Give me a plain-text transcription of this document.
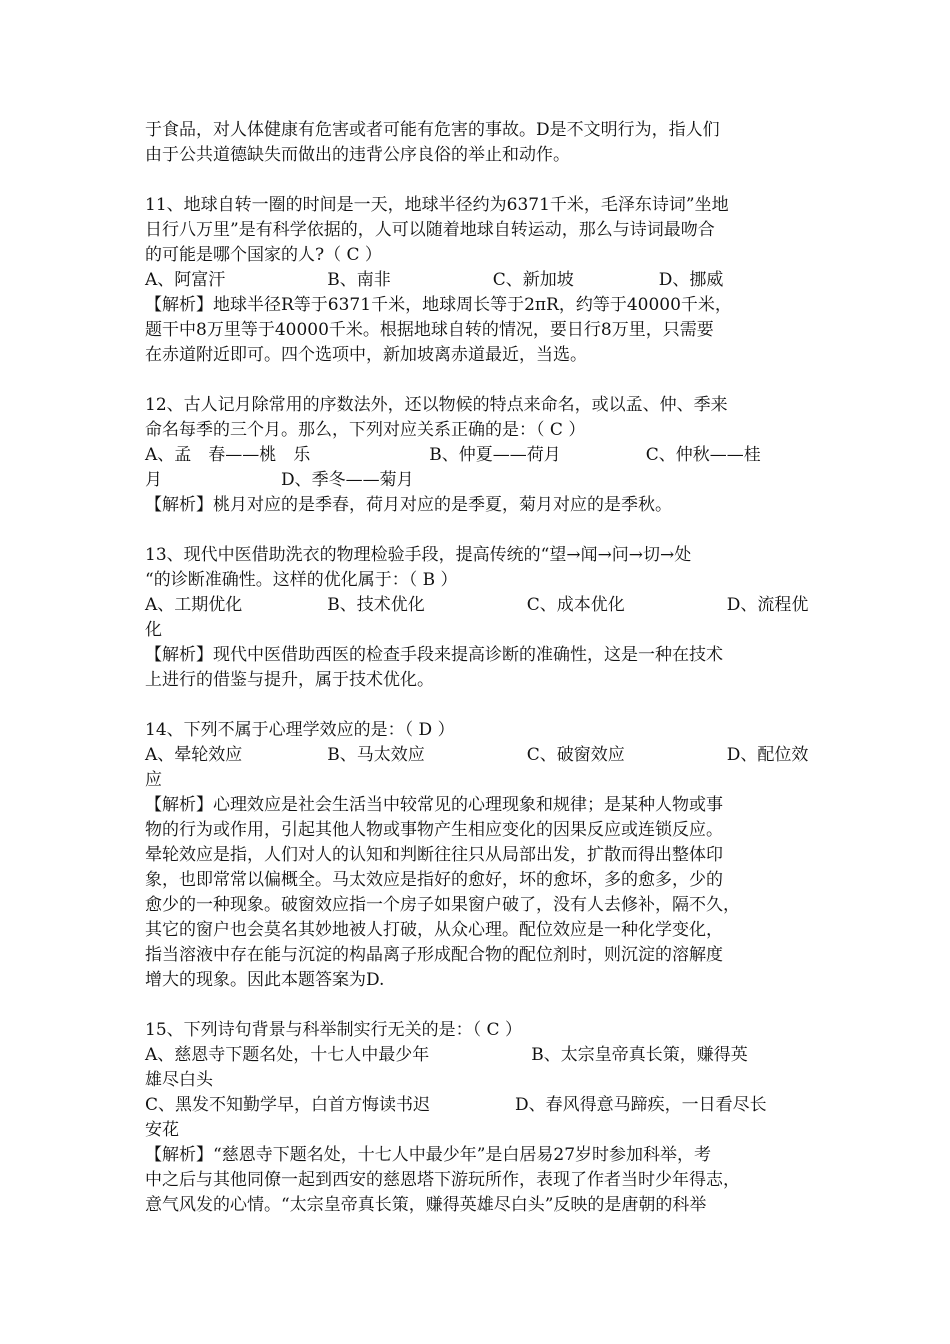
于食品，对人体健康有危害或者可能有危害的事故。D是不文明行为，指人们
由于公共道德缺失而做出的违背公序良俗的举止和动作。
11、地球自转一圈的时间是一天，地球半径约为6371千米，毛泽东诗词”坐地
日行八万里”是有科学依据的，人可以随着地球自转运动，那么与诗词最吻合
的可能是哪个国家的人?（ C ）
A、阿富汗　　　　　　B、南非　　　　　　C、新加坡　　　　　D、挪威
【解析】地球半径R等于6371千米，地球周长等于2πR，约等于40000千米，
题干中8万里等于40000千米。根据地球自转的情况，要日行8万里，只需要
在赤道附近即可。四个选项中，新加坡离赤道最近，当选。
12、古人记月除常用的序数法外，还以物候的特点来命名，或以孟、仲、季来
命名每季的三个月。那么，下列对应关系正确的是：（ C ）
A、孟　春——桃　乐　　　　　　　B、仲夏——荷月　　　　　C、仲秋——桂
月　　　　　　　D、季冬——菊月
【解析】桃月对应的是季春，荷月对应的是季夏，菊月对应的是季秋。
13、现代中医借助洗衣的物理检验手段，提高传统的“望→闻→问→切→处
“的诊断准确性。这样的优化属于：（ B ）
A、工期优化　　　　　B、技术优化　　　　　　C、成本优化　　　　　　D、流程优
化
【解析】现代中医借助西医的检查手段来提高诊断的准确性，这是一种在技术
上进行的借鉴与提升，属于技术优化。
14、下列不属于心理学效应的是：（ D ）
A、晕轮效应　　　　　B、马太效应　　　　　　C、破窗效应　　　　　　D、配位效
应
【解析】心理效应是社会生活当中较常见的心理现象和规律；是某种人物或事
物的行为或作用，引起其他人物或事物产生相应变化的因果反应或连锁反应。
晕轮效应是指，人们对人的认知和判断往往只从局部出发，扩散而得出整体印
象，也即常常以偏概全。马太效应是指好的愈好，坏的愈坏，多的愈多，少的
愈少的一种现象。破窗效应指一个房子如果窗户破了，没有人去修补，隔不久，
其它的窗户也会莫名其妙地被人打破，从众心理。配位效应是一种化学变化，
指当溶液中存在能与沉淀的构晶离子形成配合物的配位剂时，则沉淀的溶解度
增大的现象。因此本题答案为D.
15、下列诗句背景与科举制实行无关的是：（ C ）
A、慈恩寺下题名处，十七人中最少年　　　　　　B、太宗皇帝真长策，赚得英
雄尽白头
C、黑发不知勤学早，白首方悔读书迟　　　　　D、春风得意马蹄疾，一日看尽长
安花
【解析】“慈恩寺下题名处，十七人中最少年”是白居易27岁时参加科举，考
中之后与其他同僚一起到西安的慈恩塔下游玩所作，表现了作者当时少年得志，
意气风发的心情。“太宗皇帝真长策，赚得英雄尽白头”反映的是唐朝的科举
